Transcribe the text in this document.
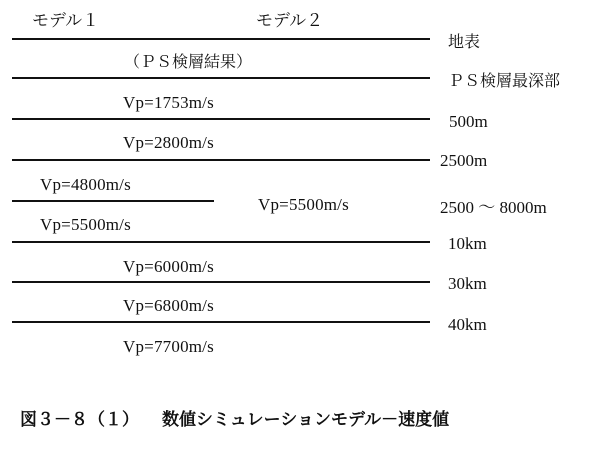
モデル１	モデル２
（ＰＳ検層結果）
Vp=1753m/s
Vp=2800m/s
Vp=4800m/s
Vp=5500m/s
Vp=5500m/s
Vp=6000m/s
Vp=6800m/s
Vp=7700m/s
地表
ＰＳ検層最深部
500m
2500m
2500 ～ 8000m
10km
30km
40km
図３－８（１） 数値シミュレーションモデル－速度値
